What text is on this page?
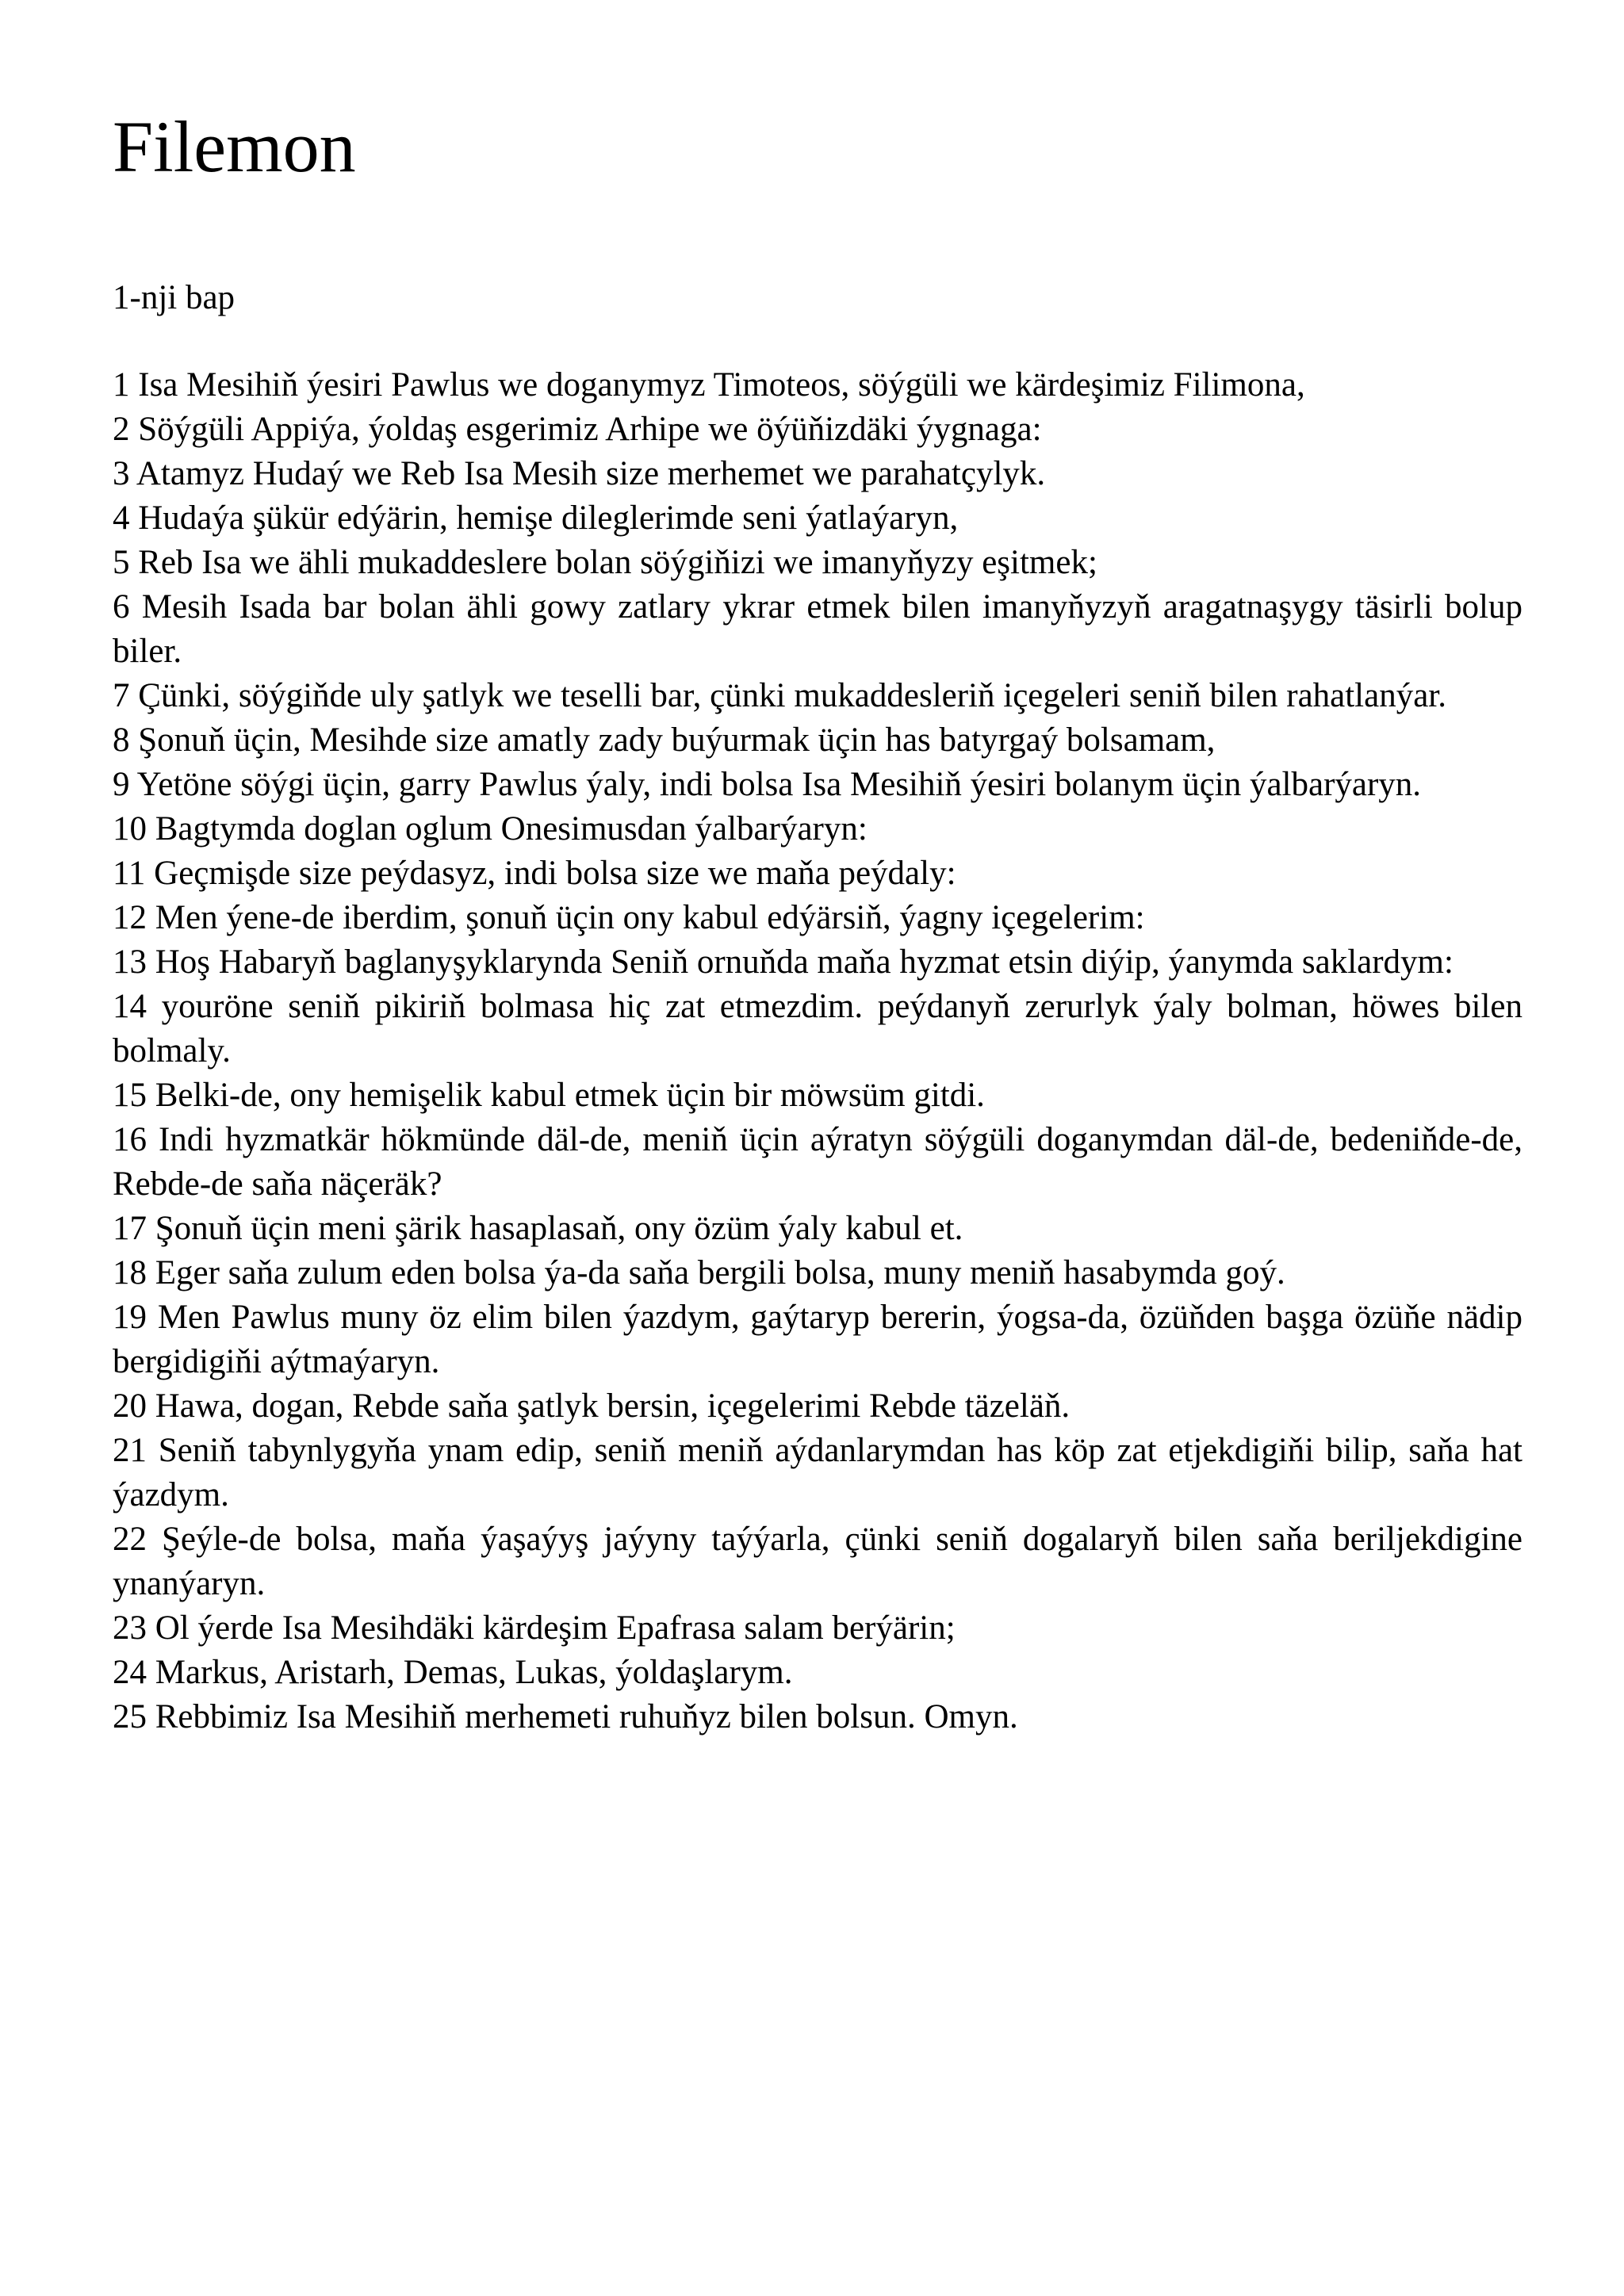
Filemon
1-nji bap
1 Isa Mesihiň ýesiri Pawlus we doganymyz Timoteos, söýgüli we kärdeşimiz Filimona,
2 Söýgüli Appiýa, ýoldaş esgerimiz Arhipe we öýüňizdäki ýygnaga:
3 Atamyz Hudaý we Reb Isa Mesih size merhemet we parahatçylyk.
4 Hudaýa şükür edýärin, hemişe dileglerimde seni ýatlaýaryn,
5 Reb Isa we ähli mukaddeslere bolan söýgiňizi we imanyňyzy eşitmek;
6 Mesih Isada bar bolan ähli gowy zatlary ykrar etmek bilen imanyňyzyň aragatnaşygy täsirli bolup biler.
7 Çünki, söýgiňde uly şatlyk we teselli bar, çünki mukaddesleriň içegeleri seniň bilen rahatlanýar.
8 Şonuň üçin, Mesihde size amatly zady buýurmak üçin has batyrgaý bolsamam,
9 Yetöne söýgi üçin, garry Pawlus ýaly, indi bolsa Isa Mesihiň ýesiri bolanym üçin ýalbarýaryn.
10 Bagtymda doglan oglum Onesimusdan ýalbarýaryn:
11 Geçmişde size peýdasyz, indi bolsa size we maňa peýdaly:
12 Men ýene-de iberdim, şonuň üçin ony kabul edýärsiň, ýagny içegelerim:
13 Hoş Habaryň baglanyşyklarynda Seniň ornuňda maňa hyzmat etsin diýip, ýanymda saklardym:
14 youröne seniň pikiriň bolmasa hiç zat etmezdim. peýdanyň zerurlyk ýaly bolman, höwes bilen bolmaly.
15 Belki-de, ony hemişelik kabul etmek üçin bir möwsüm gitdi.
16 Indi hyzmatkär hökmünde däl-de, meniň üçin aýratyn söýgüli doganymdan däl-de, bedeniňde-de, Rebde-de saňa näçeräk?
17 Şonuň üçin meni şärik hasaplasaň, ony özüm ýaly kabul et.
18 Eger saňa zulum eden bolsa ýa-da saňa bergili bolsa, muny meniň hasabymda goý.
19 Men Pawlus muny öz elim bilen ýazdym, gaýtaryp bererin, ýogsa-da, özüňden başga özüňe nädip bergidigiňi aýtmaýaryn.
20 Hawa, dogan, Rebde saňa şatlyk bersin, içegelerimi Rebde täzeläň.
21 Seniň tabynlygyňa ynam edip, seniň meniň aýdanlarymdan has köp zat etjekdigiňi bilip, saňa hat ýazdym.
22 Şeýle-de bolsa, maňa ýaşaýyş jaýyny taýýarla, çünki seniň dogalaryň bilen saňa beriljekdigine ynanýaryn.
23 Ol ýerde Isa Mesihdäki kärdeşim Epafrasa salam berýärin;
24 Markus, Aristarh, Demas, Lukas, ýoldaşlarym.
25 Rebbimiz Isa Mesihiň merhemeti ruhuňyz bilen bolsun. Omyn.
